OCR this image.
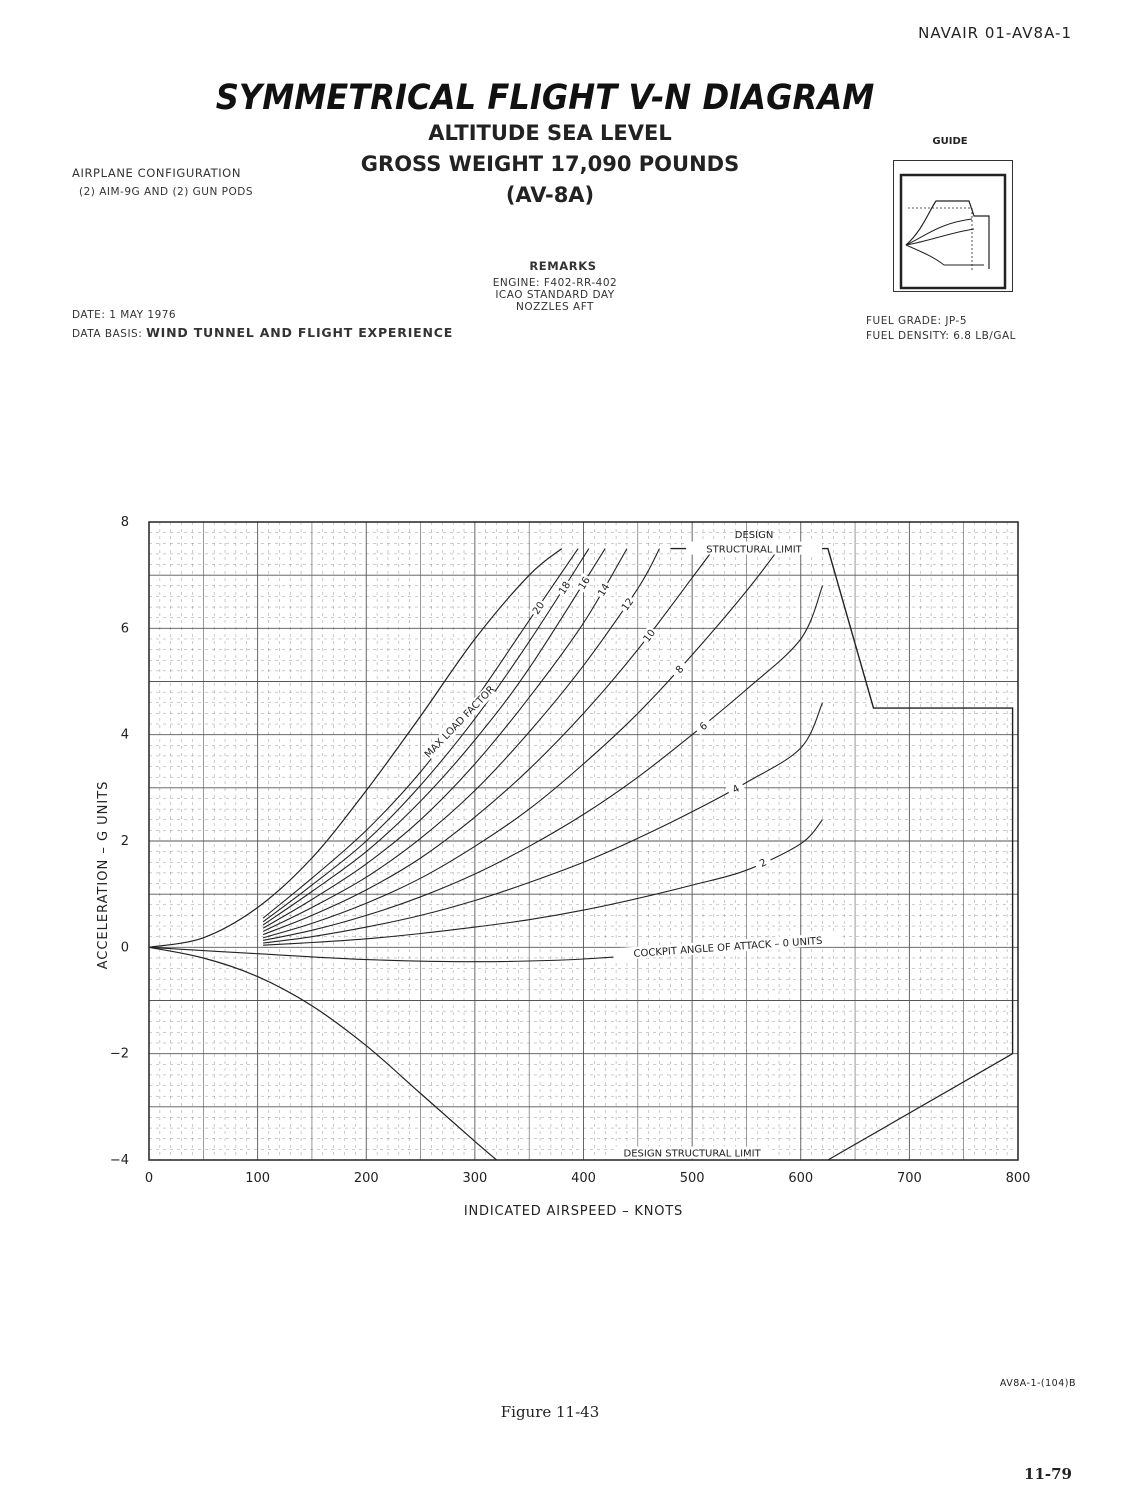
NAVAIR 01-AV8A-1
SYMMETRICAL FLIGHT V-N DIAGRAM
ALTITUDE SEA LEVEL
GROSS WEIGHT 17,090 POUNDS
(AV-8A)
AIRPLANE CONFIGURATION
(2) AIM-9G AND (2) GUN PODS
REMARKS
ENGINE: F402-RR-402
ICAO STANDARD DAY
NOZZLES AFT
DATE: 1 MAY 1976
DATA BASIS: WIND TUNNEL AND FLIGHT EXPERIENCE
GUIDE
FUEL GRADE: JP-5
FUEL DENSITY: 6.8 LB/GAL
0	100	200	300	400	500	600	700	800
−4
−2
0
2
4
6
8
20
18 16 14
12
10
8
6
4
2
STRUCTURAL LIMIT
DESIGN STRUCTURAL LIMIT
MAX LOAD FACTOR
COCKPIT ANGLE OF ATTACK – 0 UNITS
INDICATED AIRSPEED – KNOTS
ACCELERATION – G UNITS
DESIGN
AV8A-1-(104)B
Figure 11-43
11-79
